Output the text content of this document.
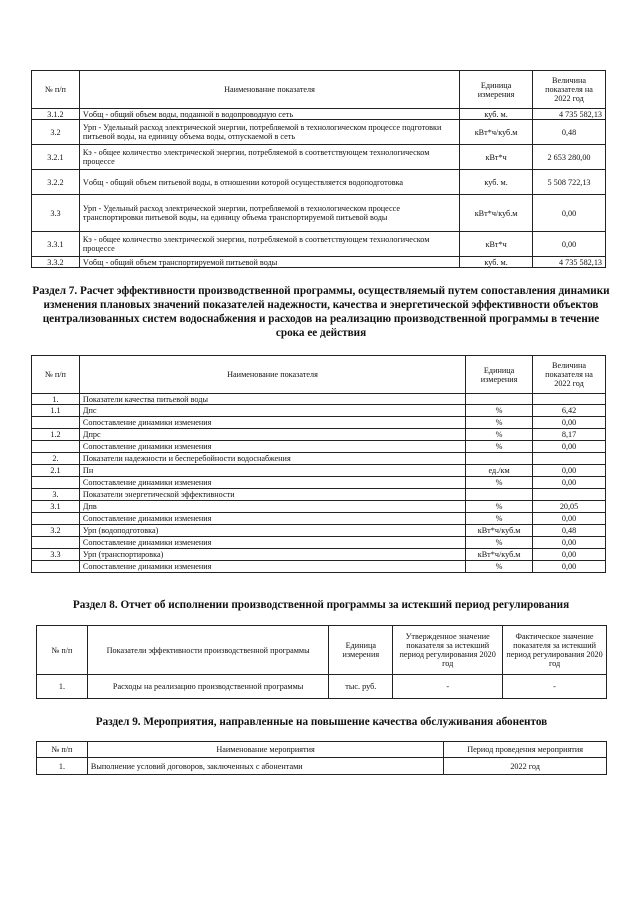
№ п/п	Наименование показателя	Единица измерения	Величина показателя на 2022 год
3.1.2	Vобщ - общий объем воды, поданной в водопроводную сеть	куб. м.	4 735 582,13
3.2	Урп - Удельный расход электрической энергии, потребляемой в технологическом процессе подготовки питьевой воды, на единицу объема воды, отпускаемой в сеть	кВт*ч/куб.м	0,48
3.2.1	Кэ - общее количество электрической энергии, потребляемой в соответствующем технологическом процессе	кВт*ч	2 653 280,00
3.2.2	Vобщ - общий объем питьевой воды, в отношении которой осуществляется водоподготовка	куб. м.	5 508 722,13
3.3	Урп - Удельный расход электрической энергии, потребляемой в технологическом процессе транспортировки питьевой воды, на единицу объема транспортируемой питьевой воды	кВт*ч/куб.м	0,00
3.3.1	Кэ - общее количество электрической энергии, потребляемой в соответствующем технологическом процессе	кВт*ч	0,00
3.3.2	Vобщ - общий объем транспортируемой питьевой воды	куб. м.	4 735 582,13
Раздел 7. Расчет эффективности производственной программы, осуществляемый путем сопоставления динамики изменения плановых значений показателей надежности, качества и энергетической эффективности объектов централизованных систем водоснабжения и расходов на реализацию производственной программы в течение срока ее действия
№ п/п	Наименование показателя	Единица измерения	Величина показателя на 2022 год
1.	Показатели качества питьевой воды		
1.1	Дпс	%	6,42
	Сопоставление динамики изменения	%	0,00
1.2	Дпрс	%	8,17
	Сопоставление динамики изменения	%	0,00
2.	Показатели надежности и бесперебойности водоснабжения		
2.1	Пн	ед./км	0,00
	Сопоставление динамики изменения	%	0,00
3.	Показатели энергетической эффективности		
3.1	Дпв	%	20,05
	Сопоставление динамики изменения	%	0,00
3.2	Урп (водоподготовка)	кВт*ч/куб.м	0,48
	Сопоставление динамики изменения	%	0,00
3.3	Урп (транспортировка)	кВт*ч/куб.м	0,00
	Сопоставление динамики изменения	%	0,00
Раздел 8. Отчет об исполнении производственной программы за истекший период регулирования
№ п/п	Показатели эффективности производственной программы	Единица измерения	Утвержденное значение показателя за истекший период регулирования 2020 год	Фактическое значение показателя за истекший период регулирования 2020 год
1.	Расходы на реализацию производственной программы	тыс. руб.	-	-
Раздел 9. Мероприятия, направленные на повышение качества обслуживания абонентов
№ п/п	Наименование мероприятия	Период проведения мероприятия
1.	Выполнение условий договоров, заключенных с абонентами	2022 год
